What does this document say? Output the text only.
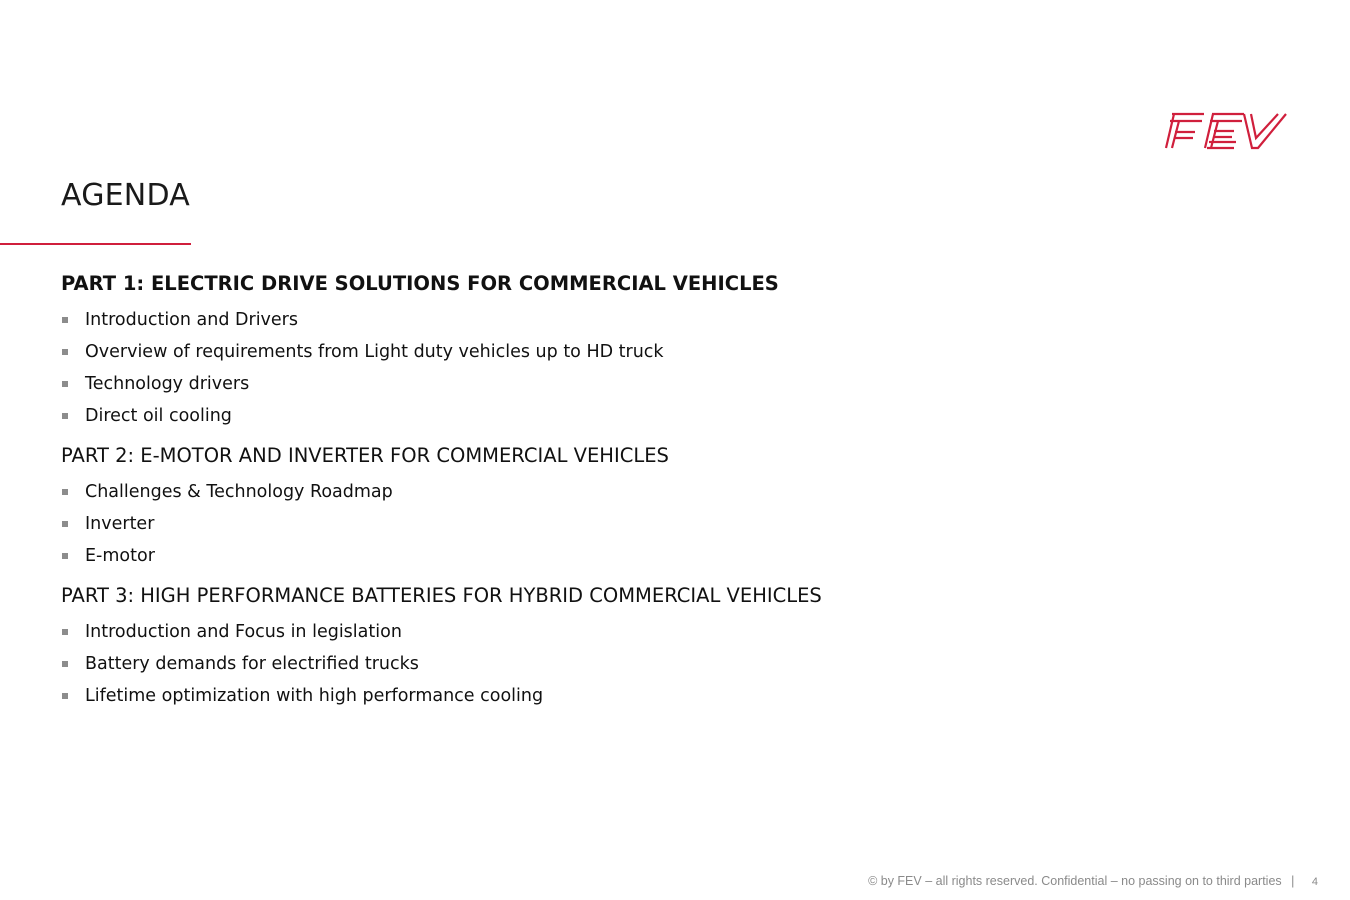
AGENDA

PART 1: ELECTRIC DRIVE SOLUTIONS FOR COMMERCIAL VEHICLES

Introduction and Drivers
Overview of requirements from Light duty vehicles up to HD truck
Technology drivers
Direct oil cooling

PART 2: E-MOTOR AND INVERTER FOR COMMERCIAL VEHICLES

Challenges & Technology Roadmap
Inverter
E-motor

PART 3: HIGH PERFORMANCE BATTERIES FOR HYBRID COMMERCIAL VEHICLES

Introduction and Focus in legislation
Battery demands for electrified trucks
Lifetime optimization with high performance cooling
© by FEV – all rights reserved. Confidential – no passing on to third parties | 4
